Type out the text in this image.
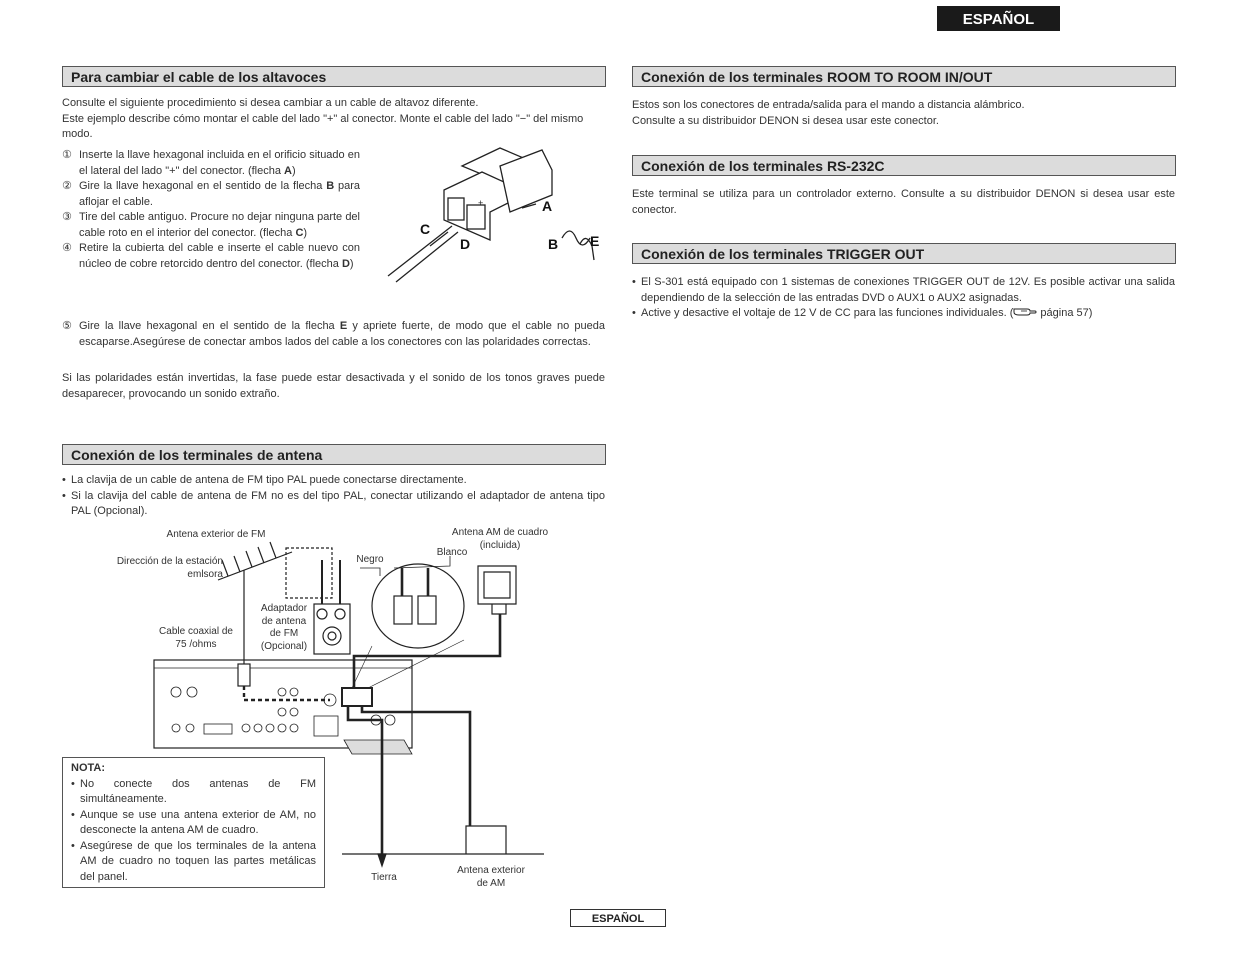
ESPAÑOL
Para cambiar el cable de los altavoces

Consulte el siguiente procedimiento si desea cambiar a un cable de altavoz diferente.

Este ejemplo describe cómo montar el cable del lado "+" al conector. Monte el cable del lado "−" del mismo modo.

① Inserte la llave hexagonal incluida en el orificio situado en el lateral del lado "+" del conector. (flecha A)
② Gire la llave hexagonal en el sentido de la flecha B para aflojar el cable.
③ Tire del cable antiguo. Procure no dejar ninguna parte del cable roto en el interior del conector. (flecha C)
④ Retire la cubierta del cable e inserte el cable nuevo con núcleo de cobre retorcido dentro del conector. (flecha D)
⑤ Gire la llave hexagonal en el sentido de la flecha E y apriete fuerte, de modo que el cable no pueda escaparse.Asegúrese de conectar ambos lados del cable a los conectores con las polaridades correctas.
Si las polaridades están invertidas, la fase puede estar desactivada y el sonido de los tonos graves puede desaparecer, provocando un sonido extraño.
+	A
C
D	B E
Conexión de los terminales de antena
• La clavija de un cable de antena de FM tipo PAL puede conectarse directamente.
• Si la clavija del cable de antena de FM no es del tipo PAL, conectar utilizando el adaptador de antena tipo PAL (Opcional).
Antena exterior de FM
Dirección de la estación
emlsora
Cable coaxial de
75 /ohms
Adaptador
de antena
de FM
(Opcional)
Negro
Blanco
Antena AM de cuadro
(incluida)
Tierra
Antena exterior
de AM
NOTA:
• No conecte dos antenas de FM simultáneamente.
• Aunque se use una antena exterior de AM, no desconecte la antena AM de cuadro.
• Asegúrese de que los terminales de la antena AM de cuadro no toquen las partes metálicas del panel.
Conexión de los terminales ROOM TO ROOM IN/OUT

Estos son los conectores de entrada/salida para el mando a distancia alámbrico.

Consulte a su distribuidor DENON si desea usar este conector.

Conexión de los terminales RS-232C
Este terminal se utiliza para un controlador externo. Consulte a su distribuidor DENON si desea usar este conector.
Conexión de los terminales TRIGGER OUT
• El S-301 está equipado con 1 sistemas de conexiones TRIGGER OUT de 12V. Es posible activar una salida dependiendo de la selección de las entradas DVD o AUX1 o AUX2 asignadas.
• Active y desactive el voltaje de 12 V de CC para las funciones individuales. ( página 57)
ESPAÑOL
